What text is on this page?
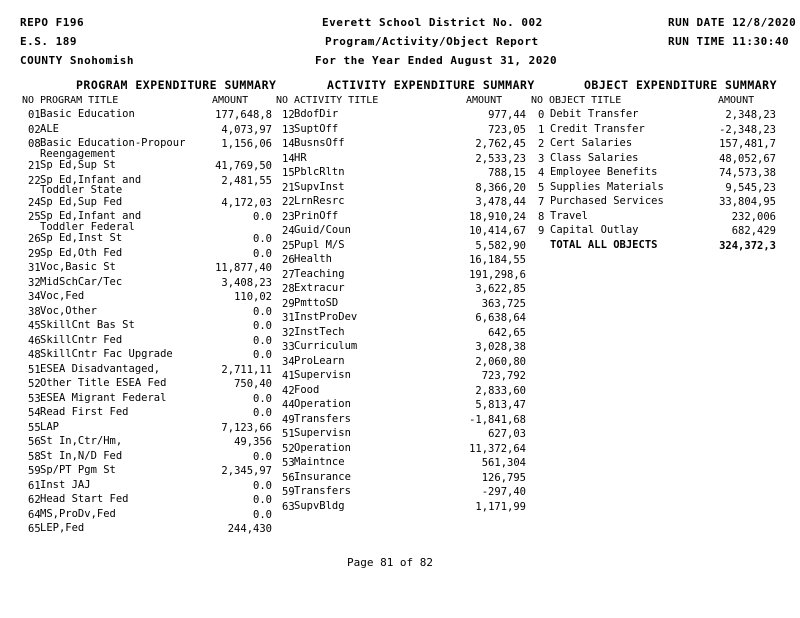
REPO F196
E.S. 189
COUNTY Snohomish
Everett School District No. 002
Program/Activity/Object Report
For the Year Ended August 31, 2020
RUN DATE 12/8/2020
RUN TIME 11:30:40
PROGRAM EXPENDITURE SUMMARY	ACTIVITY EXPENDITURE SUMMARY	OBJECT EXPENDITURE SUMMARY
NO PROGRAM TITLE	AMOUNT	NO ACTIVITY TITLE	AMOUNT	NO OBJECT TITLE	AMOUNT
01 Basic Education	177,648,8
02 ALE	4,073,97
08 Basic Education-Propour Reengagement
1,156,06
21 Sp Ed,Sup St	41,769,50
22 Sp Ed,Infant and Toddler State
2,481,55
24 Sp Ed,Sup Fed	4,172,03
25 Sp Ed,Infant and Toddler Federal
0.0
26 Sp Ed,Inst St	0.0
29 Sp Ed,Oth Fed	0.0
31 Voc,Basic St	11,877,40
32 MidSchCar/Tec	3,408,23
34 Voc,Fed	110,02
38 Voc,Other	0.0
45 SkillCnt Bas St	0.0
46 SkillCntr Fed	0.0
48 SkillCntr Fac Upgrade	0.0
51 ESEA Disadvantaged,	2,711,11
52 Other Title ESEA Fed	750,40
53 ESEA Migrant Federal	0.0
54 Read First Fed	0.0
55 LAP	7,123,66
56 St In,Ctr/Hm,	49,356
58 St In,N/D Fed	0.0
59 Sp/PT Pgm St	2,345,97
61 Inst JAJ	0.0
62 Head Start Fed	0.0
64 MS,ProDv,Fed	0.0
65 LEP,Fed	244,430
12 BdofDir	977,44
13 SuptOff	723,05
14 BusnsOff	2,762,45
14 HR	2,533,23
15 PblcRltn	788,15
21 SupvInst	8,366,20
22 LrnResrc	3,478,44
23 PrinOff	18,910,24
24 Guid/Coun	10,414,67
25 Pupl M/S	5,582,90
26 Health	16,184,55
27 Teaching	191,298,6
28 Extracur	3,622,85
29 PmttoSD	363,725
31 InstProDev	6,638,64
32 InstTech	642,65
33 Curriculum	3,028,38
34 ProLearn	2,060,80
41 Supervisn	723,792
42 Food	2,833,60
44 Operation	5,813,47
49 Transfers	-1,841,68
51 Supervisn	627,03
52 Operation	11,372,64
53 Maintnce	561,304
56 Insurance	126,795
59 Transfers	-297,40
63 SupvBldg	1,171,99
0 Debit Transfer	2,348,23
1 Credit Transfer	-2,348,23
2 Cert Salaries	157,481,7
3 Class Salaries	48,052,67
4 Employee Benefits	74,573,38
5 Supplies Materials	9,545,23
7 Purchased Services	33,804,95
8 Travel	232,006
9 Capital Outlay	682,429
TOTAL ALL OBJECTS	324,372,3
Page 81 of 82
